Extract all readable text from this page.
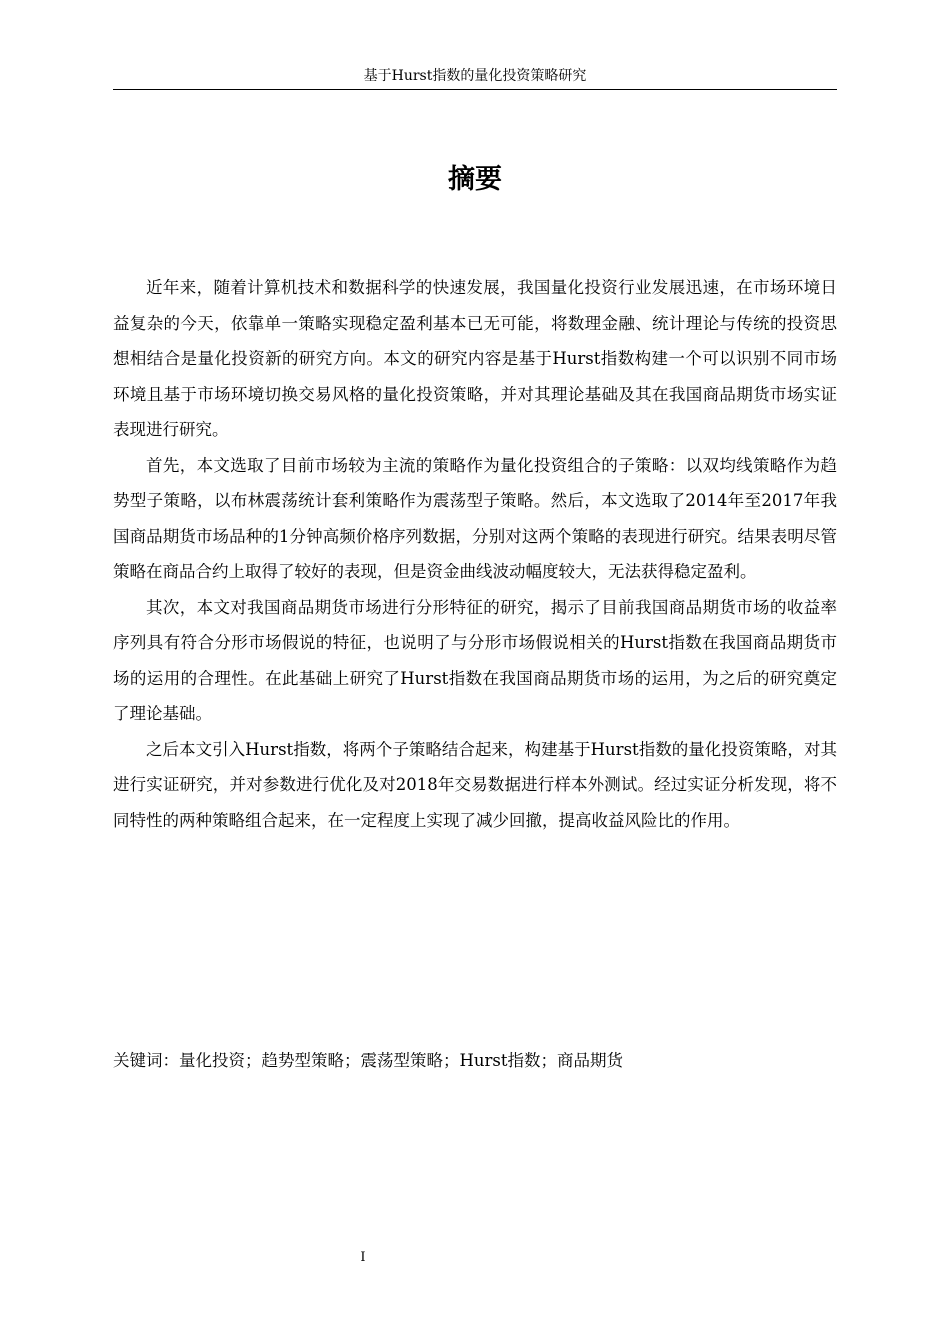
基于Hurst指数的量化投资策略研究
摘要

近年来，随着计算机技术和数据科学的快速发展，我国量化投资行业发展迅速，在市场环境日益复杂的今天，依靠单一策略实现稳定盈利基本已无可能，将数理金融、统计理论与传统的投资思想相结合是量化投资新的研究方向。本文的研究内容是基于Hurst指数构建一个可以识别不同市场环境且基于市场环境切换交易风格的量化投资策略，并对其理论基础及其在我国商品期货市场实证表现进行研究。

首先，本文选取了目前市场较为主流的策略作为量化投资组合的子策略：以双均线策略作为趋势型子策略，以布林震荡统计套利策略作为震荡型子策略。然后，本文选取了2014年至2017年我国商品期货市场品种的1分钟高频价格序列数据，分别对这两个策略的表现进行研究。结果表明尽管策略在商品合约上取得了较好的表现，但是资金曲线波动幅度较大，无法获得稳定盈利。

其次，本文对我国商品期货市场进行分形特征的研究，揭示了目前我国商品期货市场的收益率序列具有符合分形市场假说的特征，也说明了与分形市场假说相关的Hurst指数在我国商品期货市场的运用的合理性。在此基础上研究了Hurst指数在我国商品期货市场的运用，为之后的研究奠定了理论基础。

之后本文引入Hurst指数，将两个子策略结合起来，构建基于Hurst指数的量化投资策略，对其进行实证研究，并对参数进行优化及对2018年交易数据进行样本外测试。经过实证分析发现，将不同特性的两种策略组合起来，在一定程度上实现了减少回撤，提高收益风险比的作用。

关键词：量化投资；趋势型策略；震荡型策略；Hurst指数；商品期货
I
